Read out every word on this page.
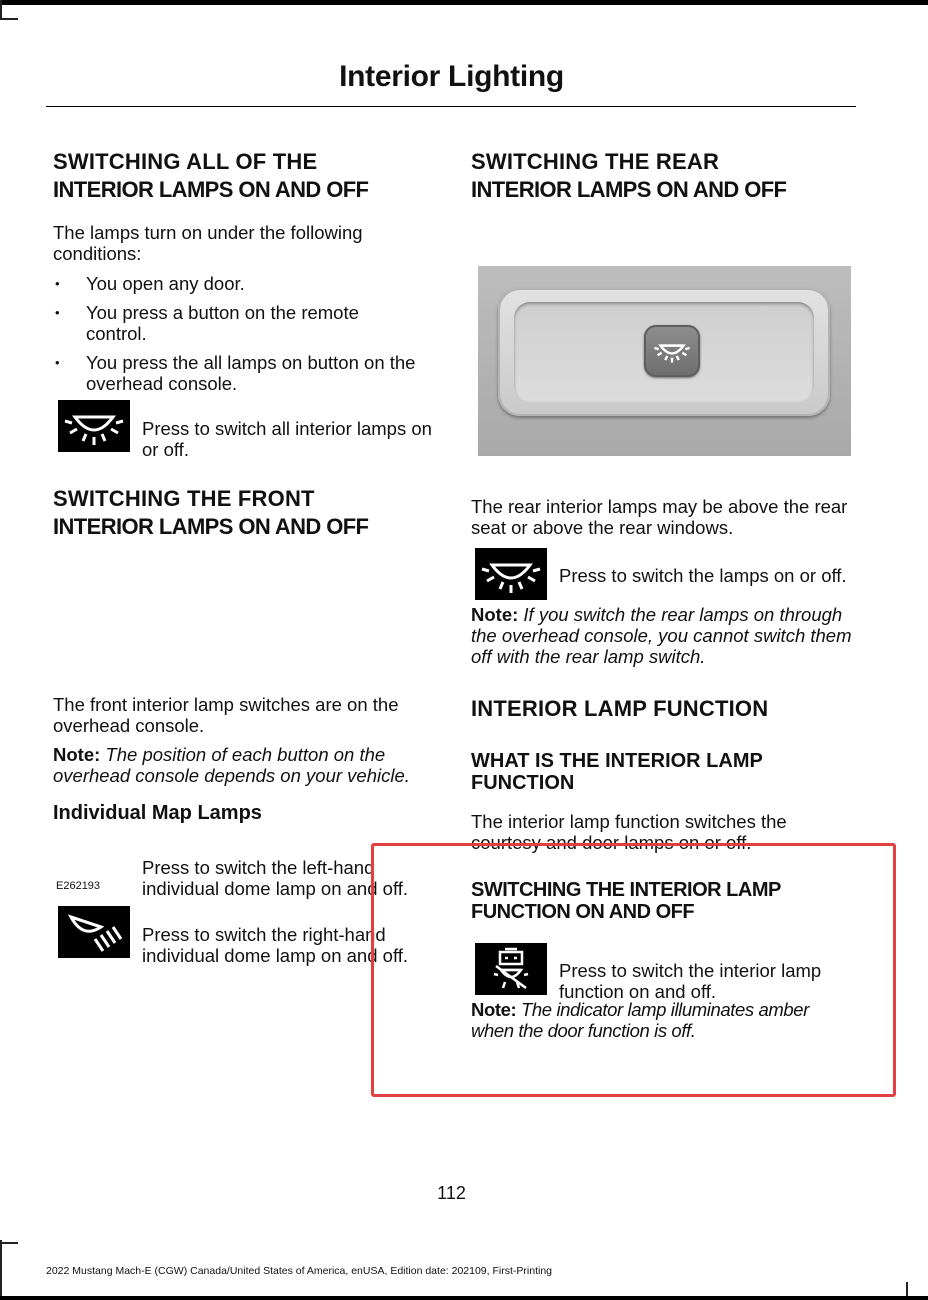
Interior Lighting
SWITCHING ALL OF THE
INTERIOR LAMPS ON AND OFF

The lamps turn on under the following conditions:

• You open any door.
• You press a button on the remote control.
• You press the all lamps on button on the overhead console.

Press to switch all interior lamps on or off.

SWITCHING THE FRONT
INTERIOR LAMPS ON AND OFF

The front interior lamp switches are on the overhead console.

Note: The position of each button on the overhead console depends on your vehicle.

Individual Map Lamps

Press to switch the left-hand individual dome lamp on and off.

E262193

Press to switch the right-hand individual dome lamp on and off.

SWITCHING THE REAR
INTERIOR LAMPS ON AND OFF

The rear interior lamps may be above the rear seat or above the rear windows.

Press to switch the lamps on or off.

Note: If you switch the rear lamps on through the overhead console, you cannot switch them off with the rear lamp switch.

INTERIOR LAMP FUNCTION
WHAT IS THE INTERIOR LAMP
FUNCTION

The interior lamp function switches the courtesy and door lamps on or off.

SWITCHING THE INTERIOR LAMP
FUNCTION ON AND OFF

Press to switch the interior lamp function on and off.

Note: The indicator lamp illuminates amber when the door function is off.

112
2022 Mustang Mach-E (CGW) Canada/United States of America, enUSA, Edition date: 202109, First-Printing
